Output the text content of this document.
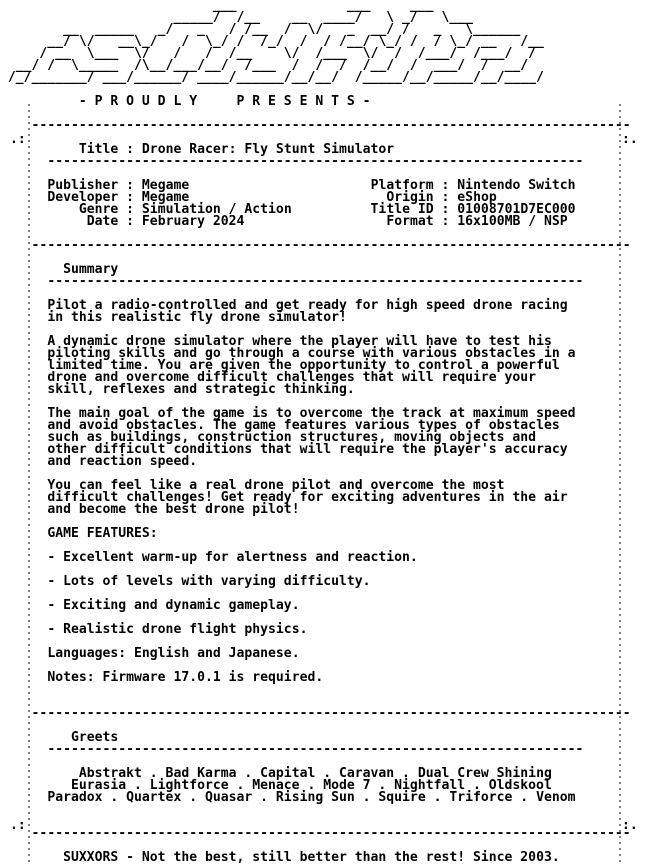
___              ___     ___
_____/  /__    __  ____/   \ _/   \___
__  _____   _/   _   / /__  /  \/   _  __/ /   _   \______
__/ \/   __\_/   /  \_/ /  /_/  /  / /__/ \_/ /  / \_/ __   /__
/ __  \___  \/   /   /  /__    \/  /___  \/  /  /___/  /___/  /
__/ /  \_____  /\__/___/__/  /___  /  /  /  /__/  /  ___/  /  __/
/_/_______/ ___/______/ ____/______/__/__/  /_____/__/_____/__/____/

- P R O U D L Y     P R E S E N T S -
----------------------------------------------------------------------------
Title : Drone Racer: Fly Stunt Simulator
--------------------------------------------------------------------
Publisher : Megame	Platform : Nintendo Switch
Developer : Megame	Origin : eShop
Genre : Simulation / Action	Title ID : 01008701D7EC000
Date : February 2024	Format : 16x100MB / NSP
----------------------------------------------------------------------------
Summary
--------------------------------------------------------------------
Pilot a radio-controlled and get ready for high speed drone racing
in this realistic fly drone simulator!
A dynamic drone simulator where the player will have to test his
piloting skills and go through a course with various obstacles in a
limited time. You are given the opportunity to control a powerful
drone and overcome difficult challenges that will require your
skill, reflexes and strategic thinking.
The main goal of the game is to overcome the track at maximum speed
and avoid obstacles. The game features various types of obstacles
such as buildings, construction structures, moving objects and
other difficult conditions that will require the player's accuracy
and reaction speed.
You can feel like a real drone pilot and overcome the most
difficult challenges! Get ready for exciting adventures in the air
and become the best drone pilot!
GAME FEATURES:
- Excellent warm-up for alertness and reaction.
- Lots of levels with varying difficulty.
- Exciting and dynamic gameplay.
- Realistic drone flight physics.
Languages: English and Japanese.
Notes: Firmware 17.0.1 is required.
----------------------------------------------------------------------------
Greets
--------------------------------------------------------------------
Abstrakt . Bad Karma . Capital . Caravan . Dual Crew Shining
Eurasia . Lightforce . Menace . Mode 7 . Nightfall . Oldskool
Paradox . Quartex . Quasar . Rising Sun . Squire . Triforce . Venom
----------------------------------------------------------------------------
SUXXORS - Not the best, still better than the rest! Since 2003.
.:	:.
.:	:.
